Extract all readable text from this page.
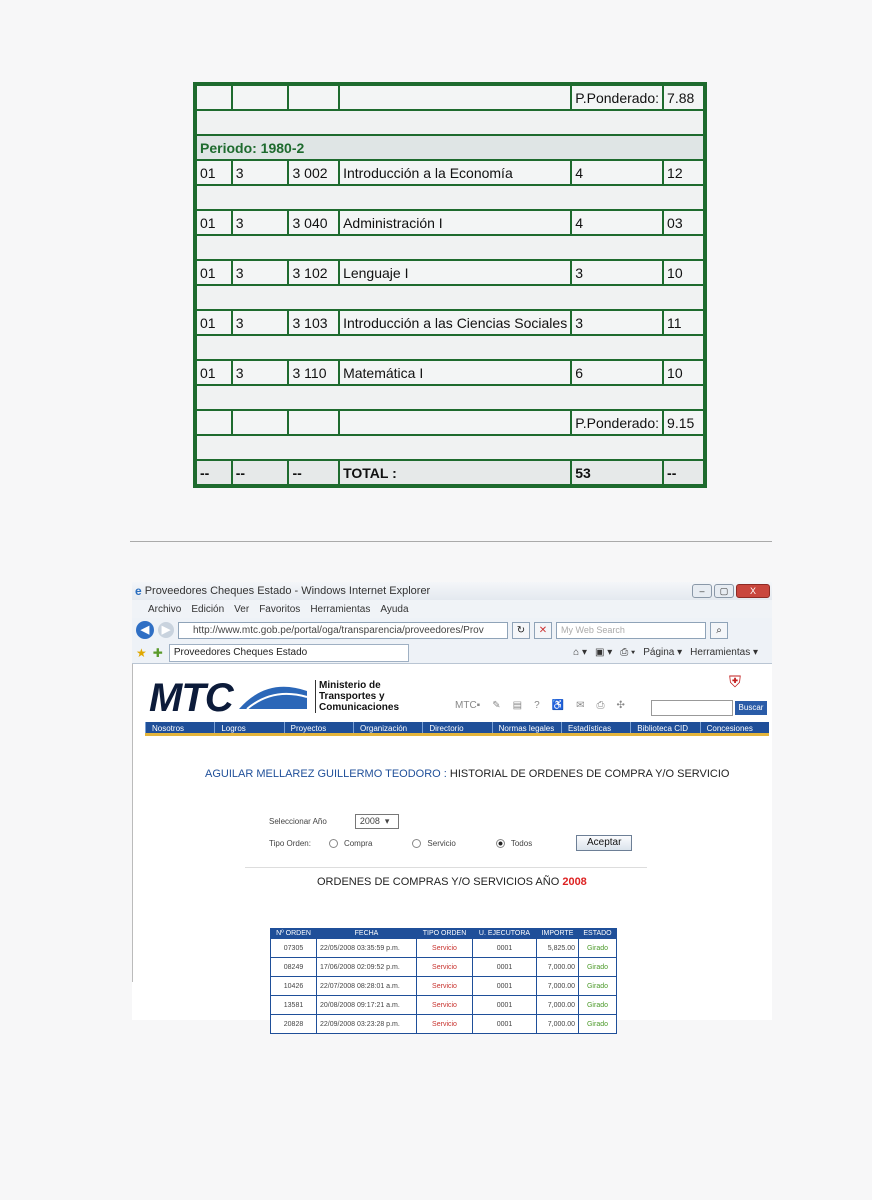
				P.Ponderado:	7.88

Periodo: 1980-2					
01	3	3 002	Introducción a la Economía	4	12

01	3	3 040	Administración I	4	03

01	3	3 102	Lenguaje I	3	10

01	3	3 103	Introducción a las Ciencias Sociales	3	11

01	3	3 110	Matemática I	6	10

				P.Ponderado:	9.15

--	--	--	TOTAL :	53	--
e Proveedores Cheques Estado - Windows Internet Explorer	–	▢	X
Archivo Edición Ver Favoritos Herramientas Ayuda
◀	▶	http://www.mtc.gob.pe/portal/oga/transparencia/proveedores/Prov	↻	✕	My Web Search	⌕
★ ✚	Proveedores Cheques Estado	⌂ ▾ ▣ ▾ ⎙ ▾ Página ▾ Herramientas ▾
MTC	Ministerio de
Transportes y
Comunicaciones
⛨
MTC▪ ✎ ▤ ? ♿ ✉ ⎙ ✣	Buscar
Nosotros	Logros	Proyectos	Organización	Directorio	Normas legales	Estadísticas	Biblioteca CID	Concesiones
AGUILAR MELLAREZ GUILLERMO TEODORO : HISTORIAL DE ORDENES DE COMPRA Y/O SERVICIO
Seleccionar Año	2008  ▾
Tipo Orden:	Compra	Servicio	Todos	Aceptar
ORDENES DE COMPRAS Y/O SERVICIOS AÑO 2008
Nº ORDEN	FECHA	TIPO ORDEN	U. EJECUTORA	IMPORTE	ESTADO
07305	22/05/2008 03:35:59 p.m.	Servicio	0001	5,825.00	Girado
08249	17/06/2008 02:09:52 p.m.	Servicio	0001	7,000.00	Girado
10426	22/07/2008 08:28:01 a.m.	Servicio	0001	7,000.00	Girado
13581	20/08/2008 09:17:21 a.m.	Servicio	0001	7,000.00	Girado
20828	22/09/2008 03:23:28 p.m.	Servicio	0001	7,000.00	Girado
